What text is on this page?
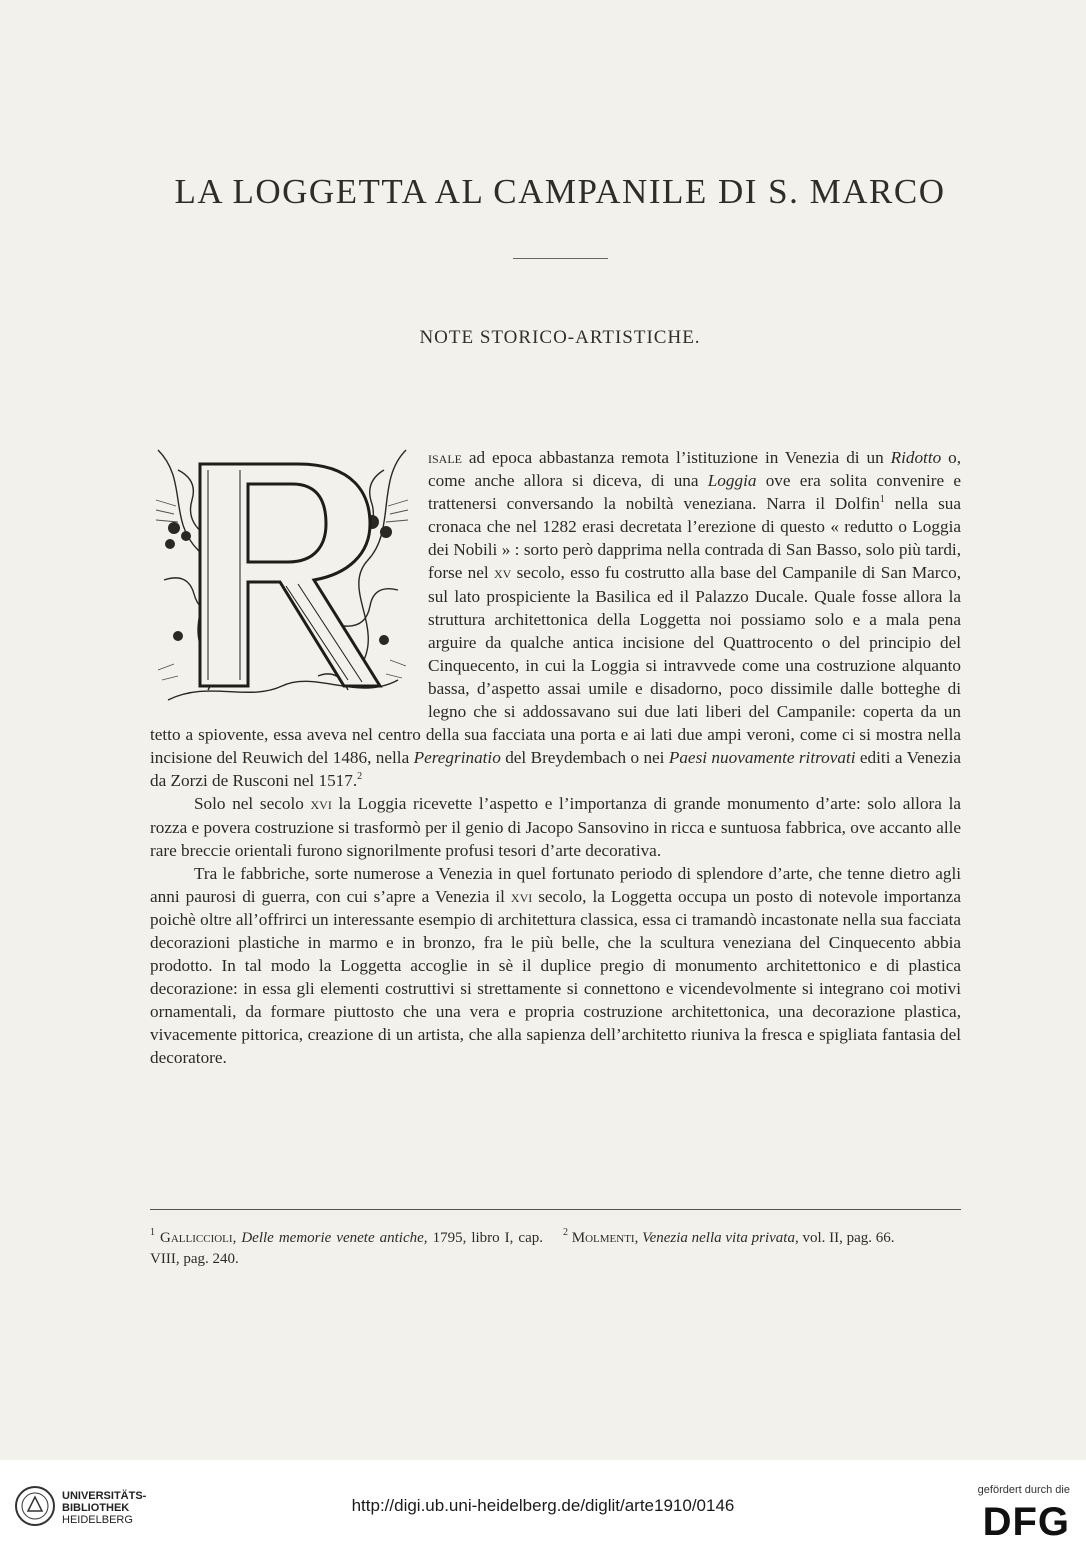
LA LOGGETTA AL CAMPANILE DI S. MARCO
NOTE STORICO-ARTISTICHE.

isale ad epoca abbastanza remota l’istituzione in Venezia di un Ridotto o, come anche allora si diceva, di una Loggia ove era solita convenire e trattenersi conversando la nobiltà veneziana. Narra il Dolfin$^1$ nella sua cronaca che nel 1282 erasi decretata l’erezione di questo « redutto o Loggia dei Nobili » : sorto però dapprima nella contrada di San Basso, solo più tardi, forse nel xv secolo, esso fu costrutto alla base del Campanile di San Marco, sul lato prospiciente la Basilica ed il Palazzo Ducale. Quale fosse allora la struttura architettonica della Loggetta noi possiamo solo e a mala pena arguire da qualche antica incisione del Quattrocento o del principio del Cinquecento, in cui la Loggia si intravvede come una costruzione alquanto bassa, d’aspetto assai umile e disadorno, poco dissimile dalle botteghe di legno che si addossavano sui due lati liberi del Campanile: coperta da un tetto a spiovente, essa aveva nel centro della sua facciata una porta e ai lati due ampi veroni, come ci si mostra nella incisione del Reuwich del 1486, nella Peregrinatio del Breydembach o nei Paesi nuovamente ritrovati editi a Venezia da Zorzi de Rusconi nel 1517.$^2$

Solo nel secolo xvi la Loggia ricevette l’aspetto e l’importanza di grande monumento d’arte: solo allora la rozza e povera costruzione si trasformò per il genio di Jacopo Sansovino in ricca e suntuosa fabbrica, ove accanto alle rare breccie orientali furono signorilmente profusi tesori d’arte decorativa.

Tra le fabbriche, sorte numerose a Venezia in quel fortunato periodo di splendore d’arte, che tenne dietro agli anni paurosi di guerra, con cui s’apre a Venezia il xvi secolo, la Loggetta occupa un posto di notevole importanza poichè oltre all’offrirci un interessante esempio di architettura classica, essa ci tramandò incastonate nella sua facciata decorazioni plastiche in marmo e in bronzo, fra le più belle, che la scultura veneziana del Cinquecento abbia prodotto. In tal modo la Loggetta accoglie in sè il duplice pregio di monumento architettonico e di plastica decorazione: in essa gli elementi costruttivi si strettamente si connettono e vicendevolmente si integrano coi motivi ornamentali, da formare piuttosto che una vera e propria costruzione architettonica, una decorazione plastica, vivacemente pittorica, creazione di un artista, che alla sapienza dell’architetto riuniva la fresca e spigliata fantasia del decoratore.

$^1$ Galliccioli, Delle memorie venete antiche, 1795, libro I, cap. VIII, pag. 240.
$^2$ Molmenti, Venezia nella vita privata, vol. II, pag. 66.
UNIVERSITÄTS-
BIBLIOTHEK
HEIDELBERG
http://digi.ub.uni-heidelberg.de/diglit/arte1910/0146
gefördert durch die
DFG
